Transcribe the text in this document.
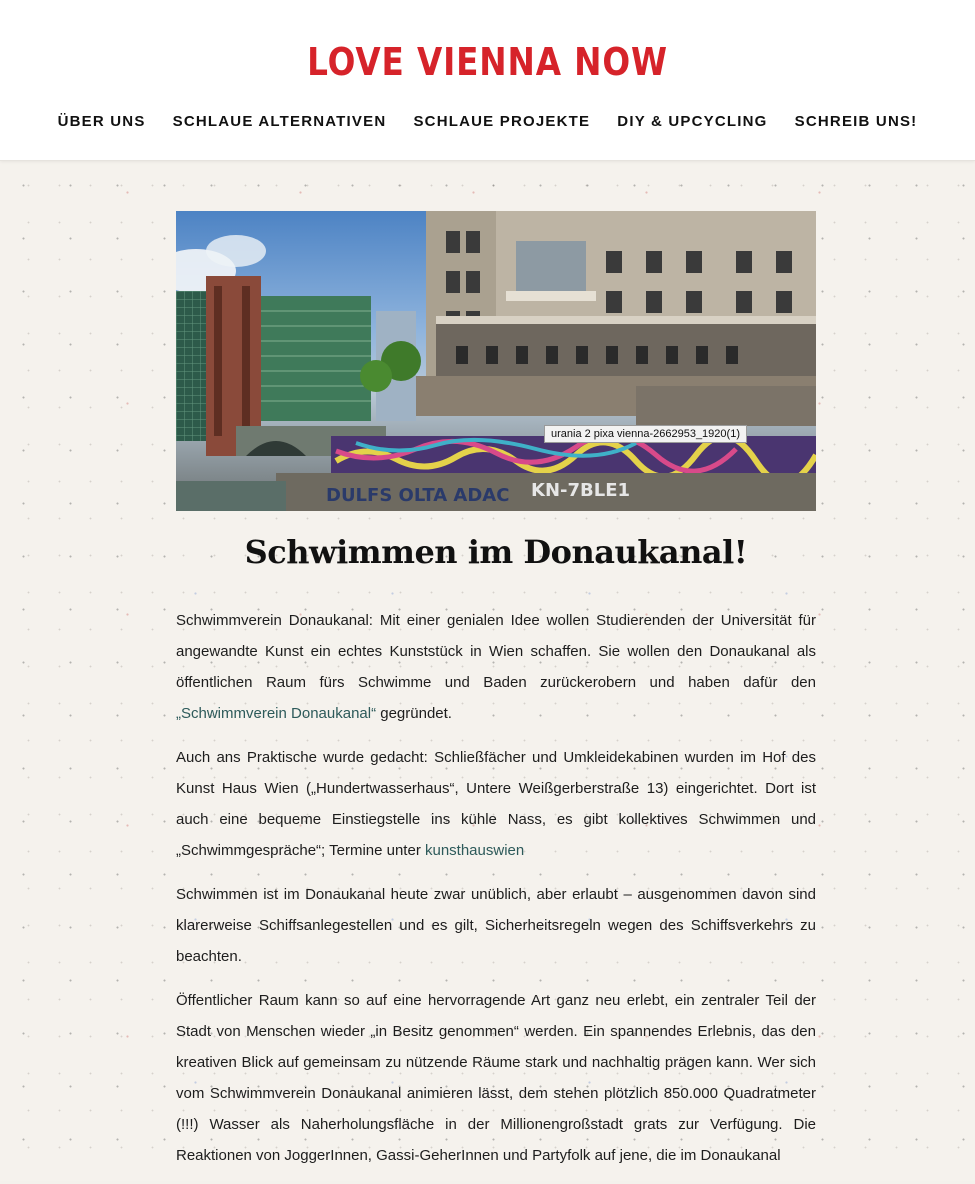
LOVE VIENNA NOW
ÜBER UNS SCHLAUE ALTERNATIVEN SCHLAUE PROJEKTE DIY & UPCYCLING SCHREIB UNS!
DULFS OLTA ADAC KN-7BLE1
urania 2 pixa vienna-2662953_1920(1)
Schwimmen im Donaukanal!

Schwimmverein Donaukanal: Mit einer genialen Idee wollen Studierenden der Universität für angewandte Kunst ein echtes Kunststück in Wien schaffen. Sie wollen den Donaukanal als öffentlichen Raum fürs Schwimme und Baden zurückerobern und haben dafür den „Schwimmverein Donaukanal“ gegründet.

Auch ans Praktische wurde gedacht: Schließfächer und Umkleidekabinen wurden im Hof des Kunst Haus Wien („Hundertwasserhaus“, Untere Weißgerberstraße 13) eingerichtet. Dort ist auch eine bequeme Einstiegstelle ins kühle Nass, es gibt kollektives Schwimmen und „Schwimmgespräche“; Termine unter kunsthauswien

Schwimmen ist im Donaukanal heute zwar unüblich, aber erlaubt – ausgenommen davon sind klarerweise Schiffsanlegestellen und es gilt, Sicherheitsregeln wegen des Schiffsverkehrs zu beachten.

Öffentlicher Raum kann so auf eine hervorragende Art ganz neu erlebt, ein zentraler Teil der Stadt von Menschen wieder „in Besitz genommen“ werden. Ein spannendes Erlebnis, das den kreativen Blick auf gemeinsam zu nützende Räume stark und nachhaltig prägen kann. Wer sich vom Schwimmverein Donaukanal animieren lässt, dem stehen plötzlich 850.000 Quadratmeter (!!!) Wasser als Naherholungsfläche in der Millionengroßstadt grats zur Verfügung. Die Reaktionen von JoggerInnen, Gassi-GeherInnen und Partyfolk auf jene, die im Donaukanal
